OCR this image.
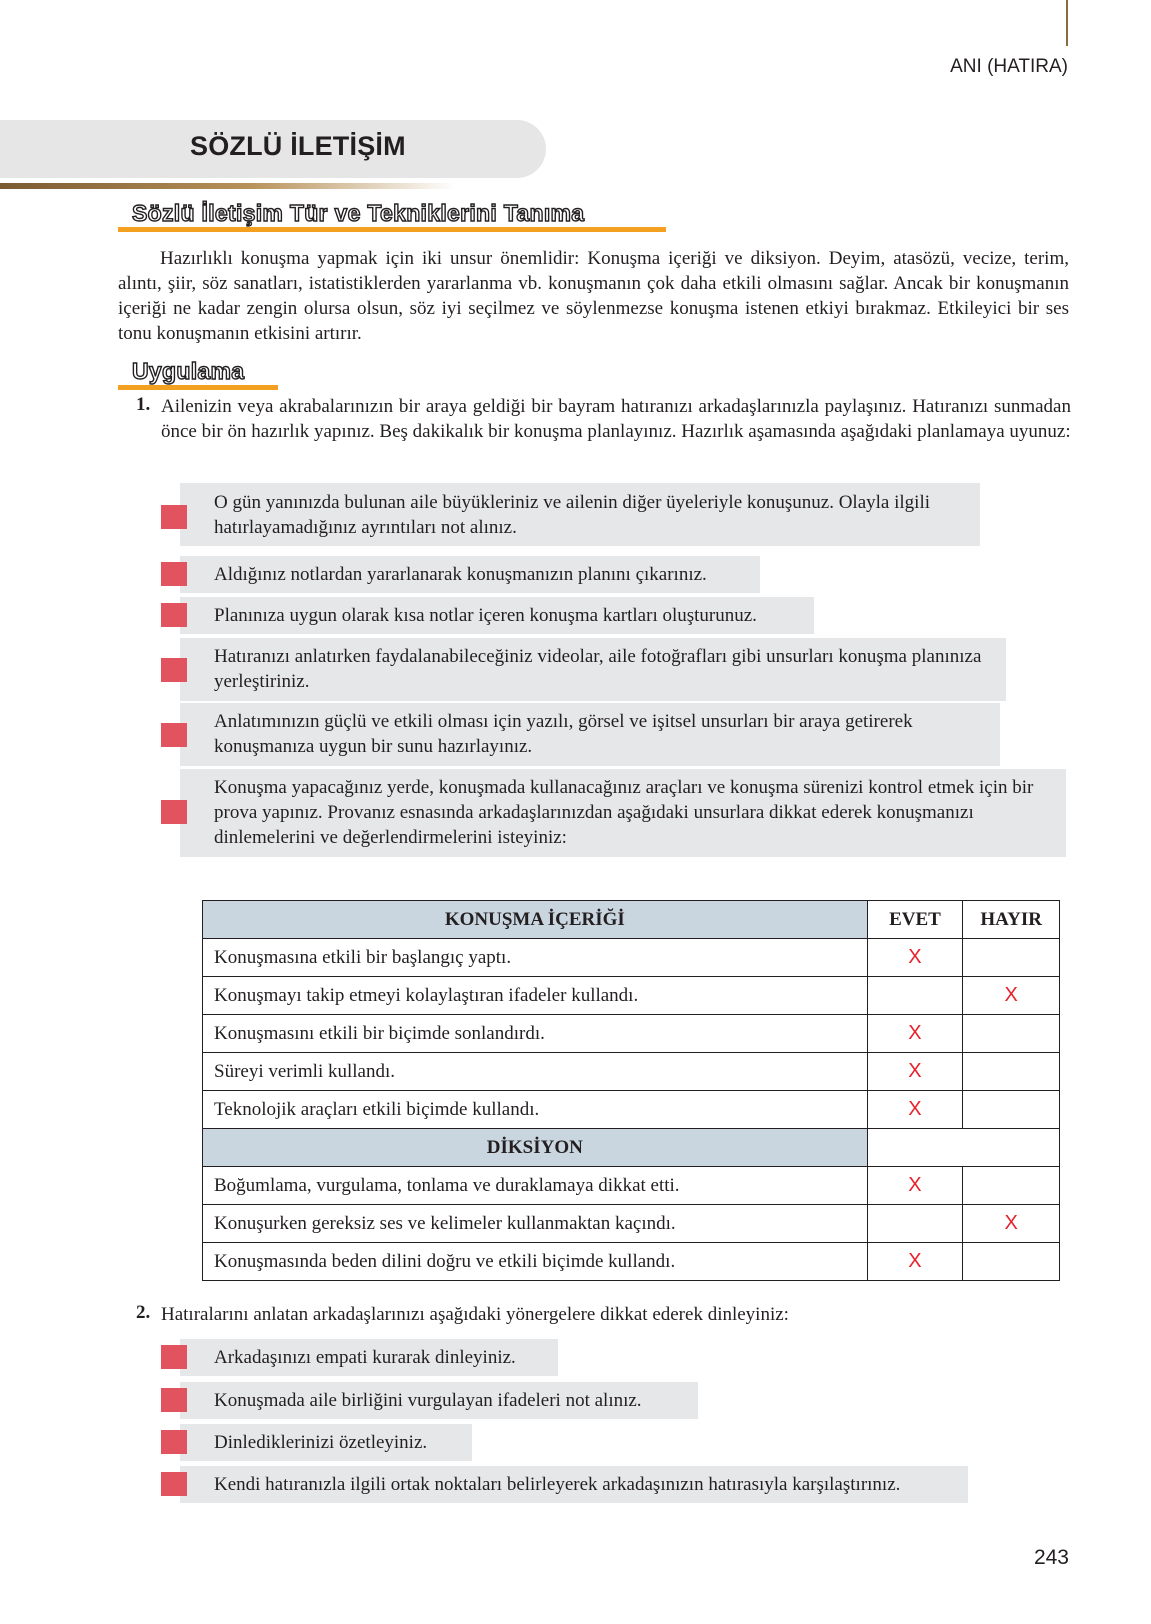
ANI (HATIRA)
SÖZLÜ İLETİŞİM
Sözlü İletişim Tür ve Tekniklerini Tanıma

Hazırlıklı konuşma yapmak için iki unsur önemlidir: Konuşma içeriği ve diksiyon. Deyim, atasözü, vecize, terim, alıntı, şiir, söz sanatları, istatistiklerden yararlanma vb. konuşmanın çok daha etkili olmasını sağlar. Ancak bir konuşmanın içeriği ne kadar zengin olursa olsun, söz iyi seçilmez ve söylenmezse konuşma istenen etkiyi bırakmaz. Etkileyici bir ses tonu konuşmanın etkisini artırır.

Uygulama
1. Ailenizin veya akrabalarınızın bir araya geldiği bir bayram hatıranızı arkadaşlarınızla paylaşınız. Hatıranızı sunmadan önce bir ön hazırlık yapınız. Beş dakikalık bir konuşma planlayınız. Hazırlık aşamasında aşağıdaki planlamaya uyunuz:

O gün yanınızda bulunan aile büyükleriniz ve ailenin diğer üyeleriyle konuşunuz. Olayla ilgili hatırlayamadığınız ayrıntıları not alınız.

Aldığınız notlardan yararlanarak konuşmanızın planını çıkarınız.

Planınıza uygun olarak kısa notlar içeren konuşma kartları oluşturunuz.

Hatıranızı anlatırken faydalanabileceğiniz videolar, aile fotoğrafları gibi unsurları konuşma planınıza yerleştiriniz.

Anlatımınızın güçlü ve etkili olması için yazılı, görsel ve işitsel unsurları bir araya getirerek konuşmanıza uygun bir sunu hazırlayınız.

Konuşma yapacağınız yerde, konuşmada kullanacağınız araçları ve konuşma sürenizi kontrol etmek için bir prova yapınız. Provanız esnasında arkadaşlarınızdan aşağıdaki unsurlara dikkat ederek konuşmanızı dinlemelerini ve değerlendirmelerini isteyiniz:

KONUŞMA İÇERİĞİ	EVET	HAYIR
Konuşmasına etkili bir başlangıç yaptı.	X	
Konuşmayı takip etmeyi kolaylaştıran ifadeler kullandı.		X
Konuşmasını etkili bir biçimde sonlandırdı.	X	
Süreyi verimli kullandı.	X	
Teknolojik araçları etkili biçimde kullandı.	X	
DİKSİYON		
Boğumlama, vurgulama, tonlama ve duraklamaya dikkat etti.	X	
Konuşurken gereksiz ses ve kelimeler kullanmaktan kaçındı.		X
Konuşmasında beden dilini doğru ve etkili biçimde kullandı.	X	
2. Hatıralarını anlatan arkadaşlarınızı aşağıdaki yönergelere dikkat ederek dinleyiniz:

Arkadaşınızı empati kurarak dinleyiniz.

Konuşmada aile birliğini vurgulayan ifadeleri not alınız.

Dinlediklerinizi özetleyiniz.

Kendi hatıranızla ilgili ortak noktaları belirleyerek arkadaşınızın hatırasıyla karşılaştırınız.

243
